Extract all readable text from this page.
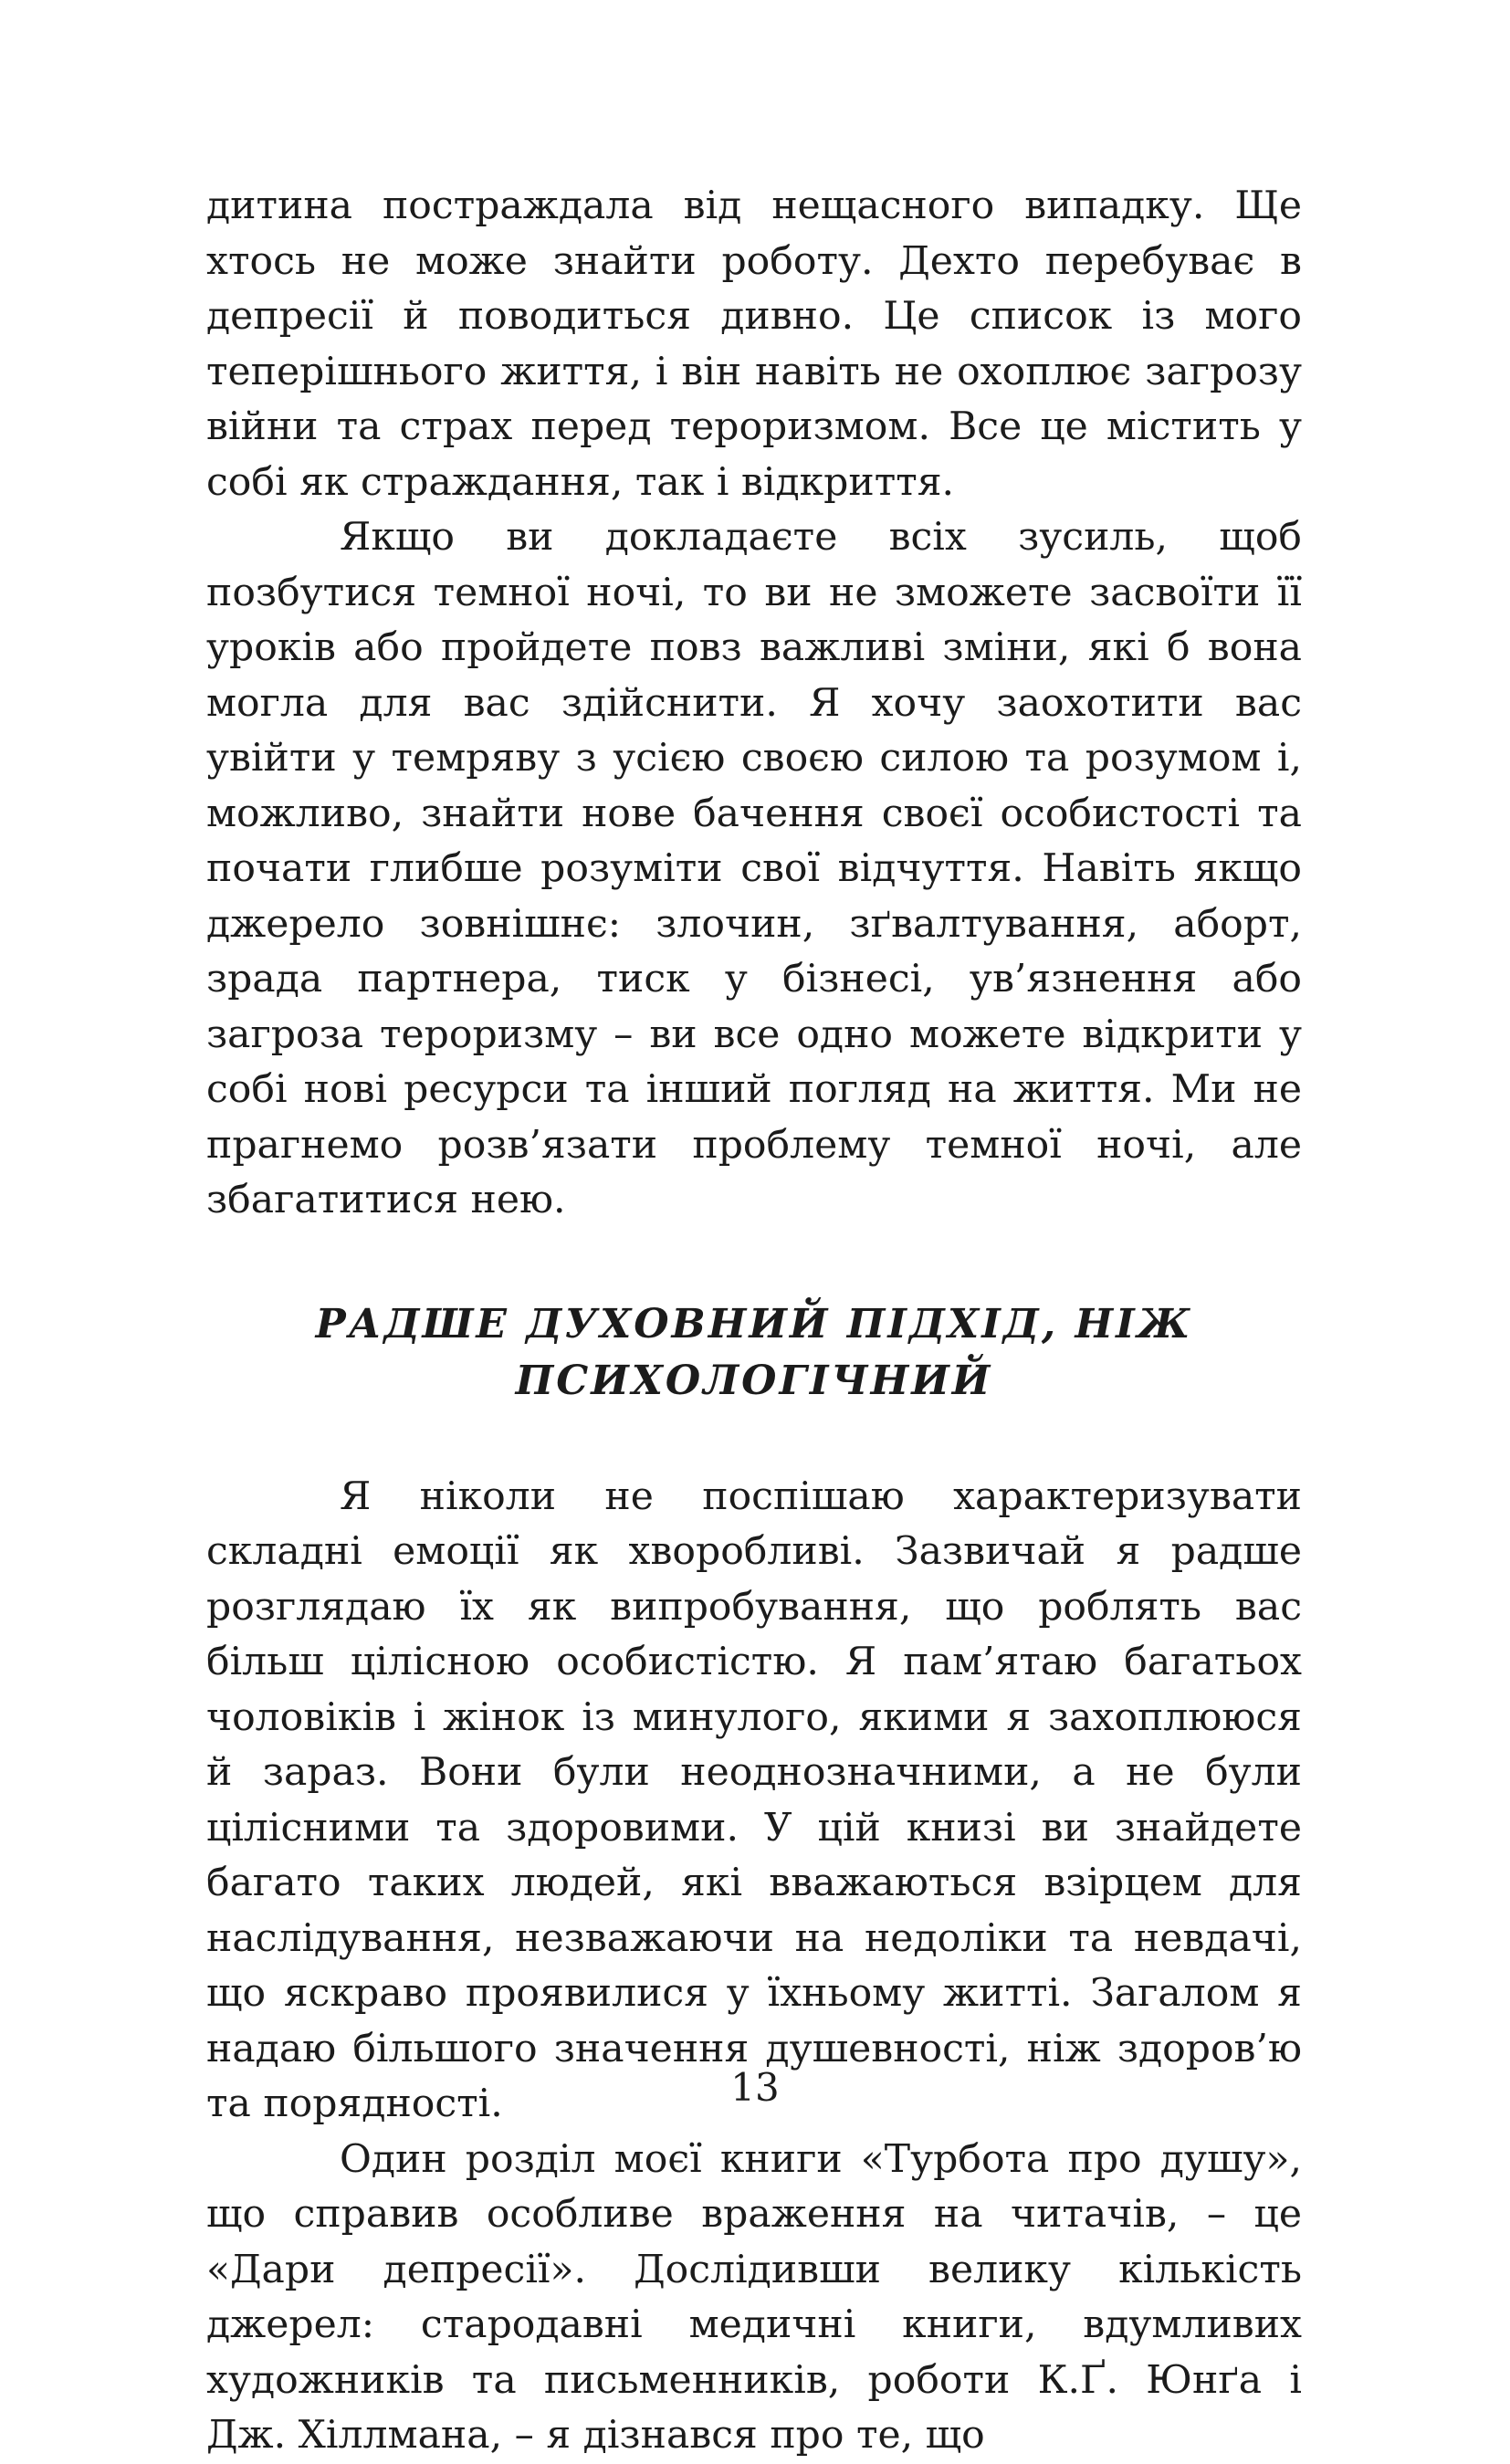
дитина постраждала від нещасного випадку. Ще хтось не може знайти роботу. Дехто перебуває в депресії й поводиться дивно. Це список із мого теперішнього життя, і він навіть не охоплює загрозу війни та страх перед тероризмом. Все це містить у собі як страждання, так і відкриття.

Якщо ви докладаєте всіх зусиль, щоб позбутися темної ночі, то ви не зможете засвоїти її уроків або пройдете повз важливі зміни, які б вона могла для вас здійснити. Я хочу заохотити вас увійти у темряву з усією своєю силою та розумом і, можливо, знайти нове бачення своєї особистості та почати глибше розуміти свої відчуття. Навіть якщо джерело зовнішнє: злочин, зґвалтування, аборт, зрада партнера, тиск у бізнесі, ув’язнення або загроза тероризму – ви все одно можете відкрити у собі нові ресурси та інший погляд на життя. Ми не прагнемо розв’язати проблему темної ночі, але збагатитися нею.

РАДШЕ ДУХОВНИЙ ПІДХІД, НІЖ
ПСИХОЛОГІЧНИЙ

Я ніколи не поспішаю характеризувати складні емоції як хворобливі. Зазвичай я радше розглядаю їх як випробування, що роблять вас більш цілісною особистістю. Я пам’ятаю багатьох чоловіків і жінок із минулого, якими я захоплююся й зараз. Вони були неоднозначними, а не були цілісними та здоровими. У цій книзі ви знайдете багато таких людей, які вважаються взірцем для наслідування, незважаючи на недоліки та невдачі, що яскраво проявилися у їхньому житті. Загалом я надаю більшого значення душевності, ніж здоров’ю та порядності.

Один розділ моєї книги «Турбота про душу», що справив особливе враження на читачів, – це «Дари депресії». Дослідивши велику кількість джерел: стародавні медичні книги, вдумливих художників та письменників, роботи К.Ґ. Юнґа і Дж. Хіллмана, – я дізнався про те, що

13
